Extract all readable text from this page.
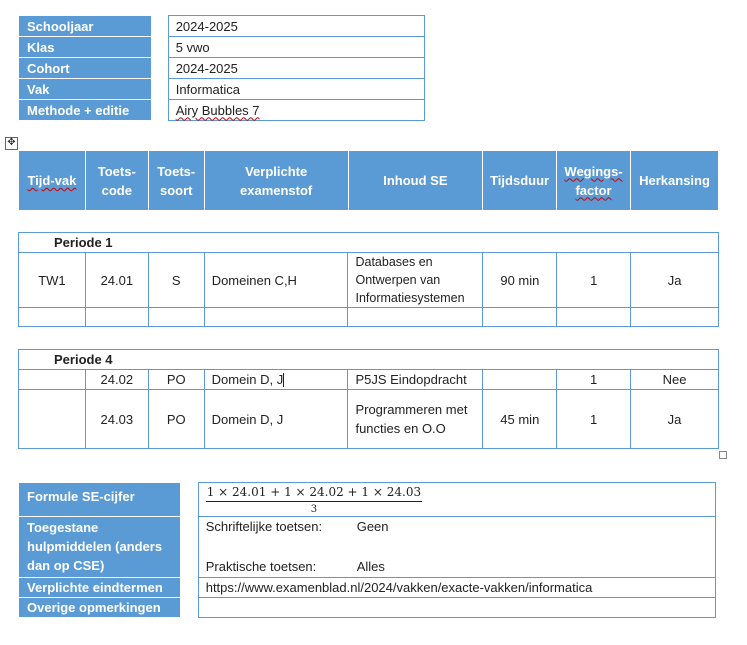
Schooljaar		2024-2025
Klas		5 vwo
Cohort		2024-2025
Vak		Informatica
Methode + editie		Airy Bubbles 7
✥
Tijd-vak	Toets-code	Toets-soort	Verplichte examenstof	Inhoud SE	Tijdsduur	Wegings-factor	Herkansing
Periode 1							
TW1	24.01	S	Domeinen C,H	Databases en Ontwerpen van Informatiesystemen	90 min	1	Ja

Periode 4							
	24.02	PO	Domein D, J	P5JS Eindopdracht		1	Nee
	24.03	PO	Domein D, J	Programmeren met functies en O.O	45 min	1	Ja
Formule SE-cijfer		1 × 24.01 + 1 × 24.02 + 1 × 24.03
3

Toegestane hulpmiddelen (anders dan op CSE)		Schriftelijke toetsen: Geen
Praktische toetsen: Alles

Verplichte eindtermen		https://www.examenblad.nl/2024/vakken/exacte-vakken/informatica
Overige opmerkingen		
